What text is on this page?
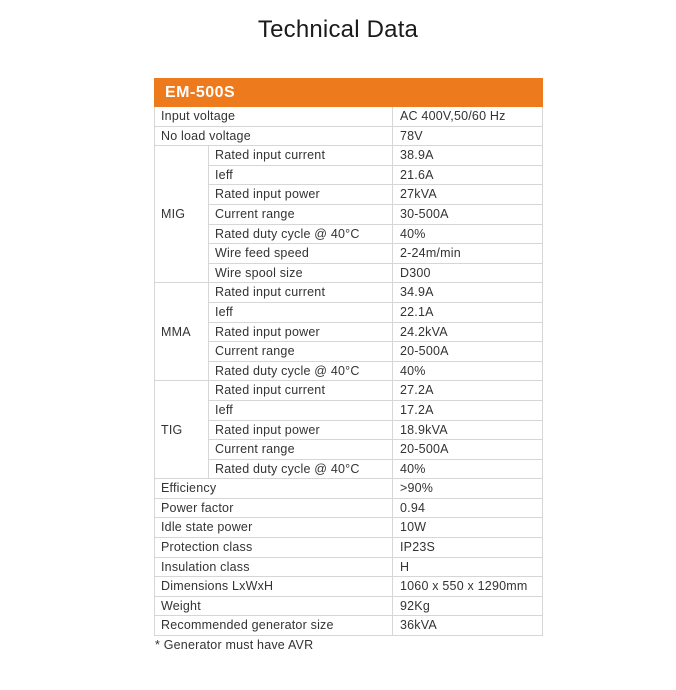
Technical Data
EM-500S		
Input voltage		AC 400V,50/60 Hz
No load voltage		78V
MIG	Rated input current	38.9A
	Ieff	21.6A
	Rated input power	27kVA
	Current range	30-500A
	Rated duty cycle @ 40°C	40%
	Wire feed speed	2-24m/min
	Wire spool size	D300
MMA	Rated input current	34.9A
	Ieff	22.1A
	Rated input power	24.2kVA
	Current range	20-500A
	Rated duty cycle @ 40°C	40%
TIG	Rated input current	27.2A
	Ieff	17.2A
	Rated input power	18.9kVA
	Current range	20-500A
	Rated duty cycle @ 40°C	40%
Efficiency		>90%
Power factor		0.94
Idle state power		10W
Protection class		IP23S
Insulation class		H
Dimensions LxWxH		1060 x 550 x 1290mm
Weight		92Kg
Recommended generator size		36kVA
* Generator must have AVR
